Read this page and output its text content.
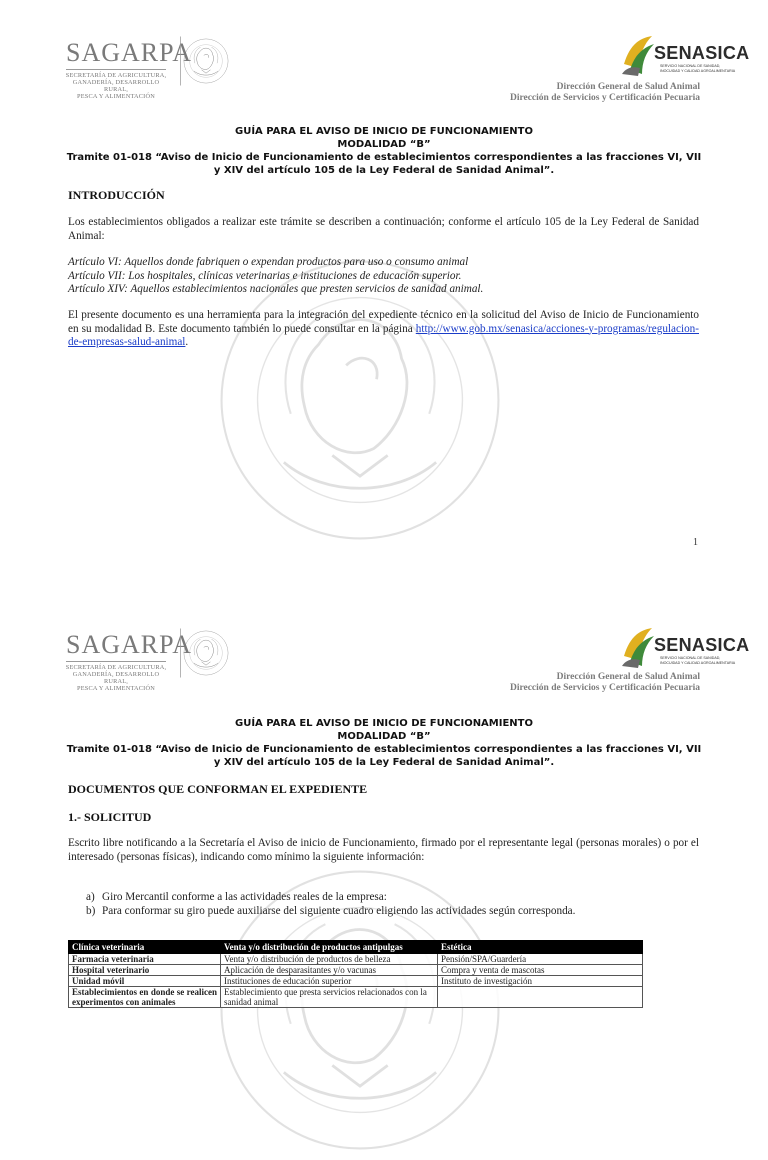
SAGARPA
SECRETARÍA DE AGRICULTURA,
GANADERÍA, DESARROLLO RURAL,
PESCA Y ALIMENTACIÓN
SENASICA
SERVICIO NACIONAL DE SANIDAD,
INOCUIDAD Y CALIDAD AGROALIMENTARIA
Dirección General de Salud Animal
Dirección de Servicios y Certificación Pecuaria
GUÍA PARA EL AVISO DE INICIO DE FUNCIONAMIENTO
MODALIDAD “B”
Tramite 01-018 “Aviso de Inicio de Funcionamiento de establecimientos correspondientes a las fracciones VI, VII
y XIV del artículo 105 de la Ley Federal de Sanidad Animal”.
INTRODUCCIÓN
Los establecimientos obligados a realizar este trámite se describen a continuación; conforme el artículo 105 de la Ley Federal de Sanidad Animal:
Artículo VI: Aquellos donde fabriquen o expendan productos para uso o consumo animal
Artículo VII: Los hospitales, clínicas veterinarias e instituciones de educación superior.
Artículo XIV: Aquellos establecimientos nacionales que presten servicios de sanidad animal.
El presente documento es una herramienta para la integración del expediente técnico en la solicitud del Aviso de Inicio de Funcionamiento en su modalidad B. Este documento también lo puede consultar en la página http://www.gob.mx/senasica/acciones-y-programas/regulacion-de-empresas-salud-animal.
1
SAGARPA
SECRETARÍA DE AGRICULTURA,
GANADERÍA, DESARROLLO RURAL,
PESCA Y ALIMENTACIÓN
SENASICA
SERVICIO NACIONAL DE SANIDAD,
INOCUIDAD Y CALIDAD AGROALIMENTARIA
Dirección General de Salud Animal
Dirección de Servicios y Certificación Pecuaria
GUÍA PARA EL AVISO DE INICIO DE FUNCIONAMIENTO
MODALIDAD “B”
Tramite 01-018 “Aviso de Inicio de Funcionamiento de establecimientos correspondientes a las fracciones VI, VII
y XIV del artículo 105 de la Ley Federal de Sanidad Animal”.
DOCUMENTOS QUE CONFORMAN EL EXPEDIENTE
1.- SOLICITUD
Escrito libre notificando a la Secretaría el Aviso de inicio de Funcionamiento, firmado por el representante legal (personas morales) o por el interesado (personas físicas), indicando como mínimo la siguiente información:
a) Giro Mercantil conforme a las actividades reales de la empresa:
b) Para conformar su giro puede auxiliarse del siguiente cuadro eligiendo las actividades según corresponda.
Clínica veterinaria	Venta y/o distribución de productos antipulgas	Estética
Farmacia veterinaria	Venta y/o distribución de productos de belleza	Pensión/SPA/Guardería
Hospital veterinario	Aplicación de desparasitantes y/o vacunas	Compra y venta de mascotas
Unidad móvil	Instituciones de educación superior	Instituto de investigación
Establecimientos en donde se realicen experimentos con animales	Establecimiento que presta servicios relacionados con la sanidad animal	
